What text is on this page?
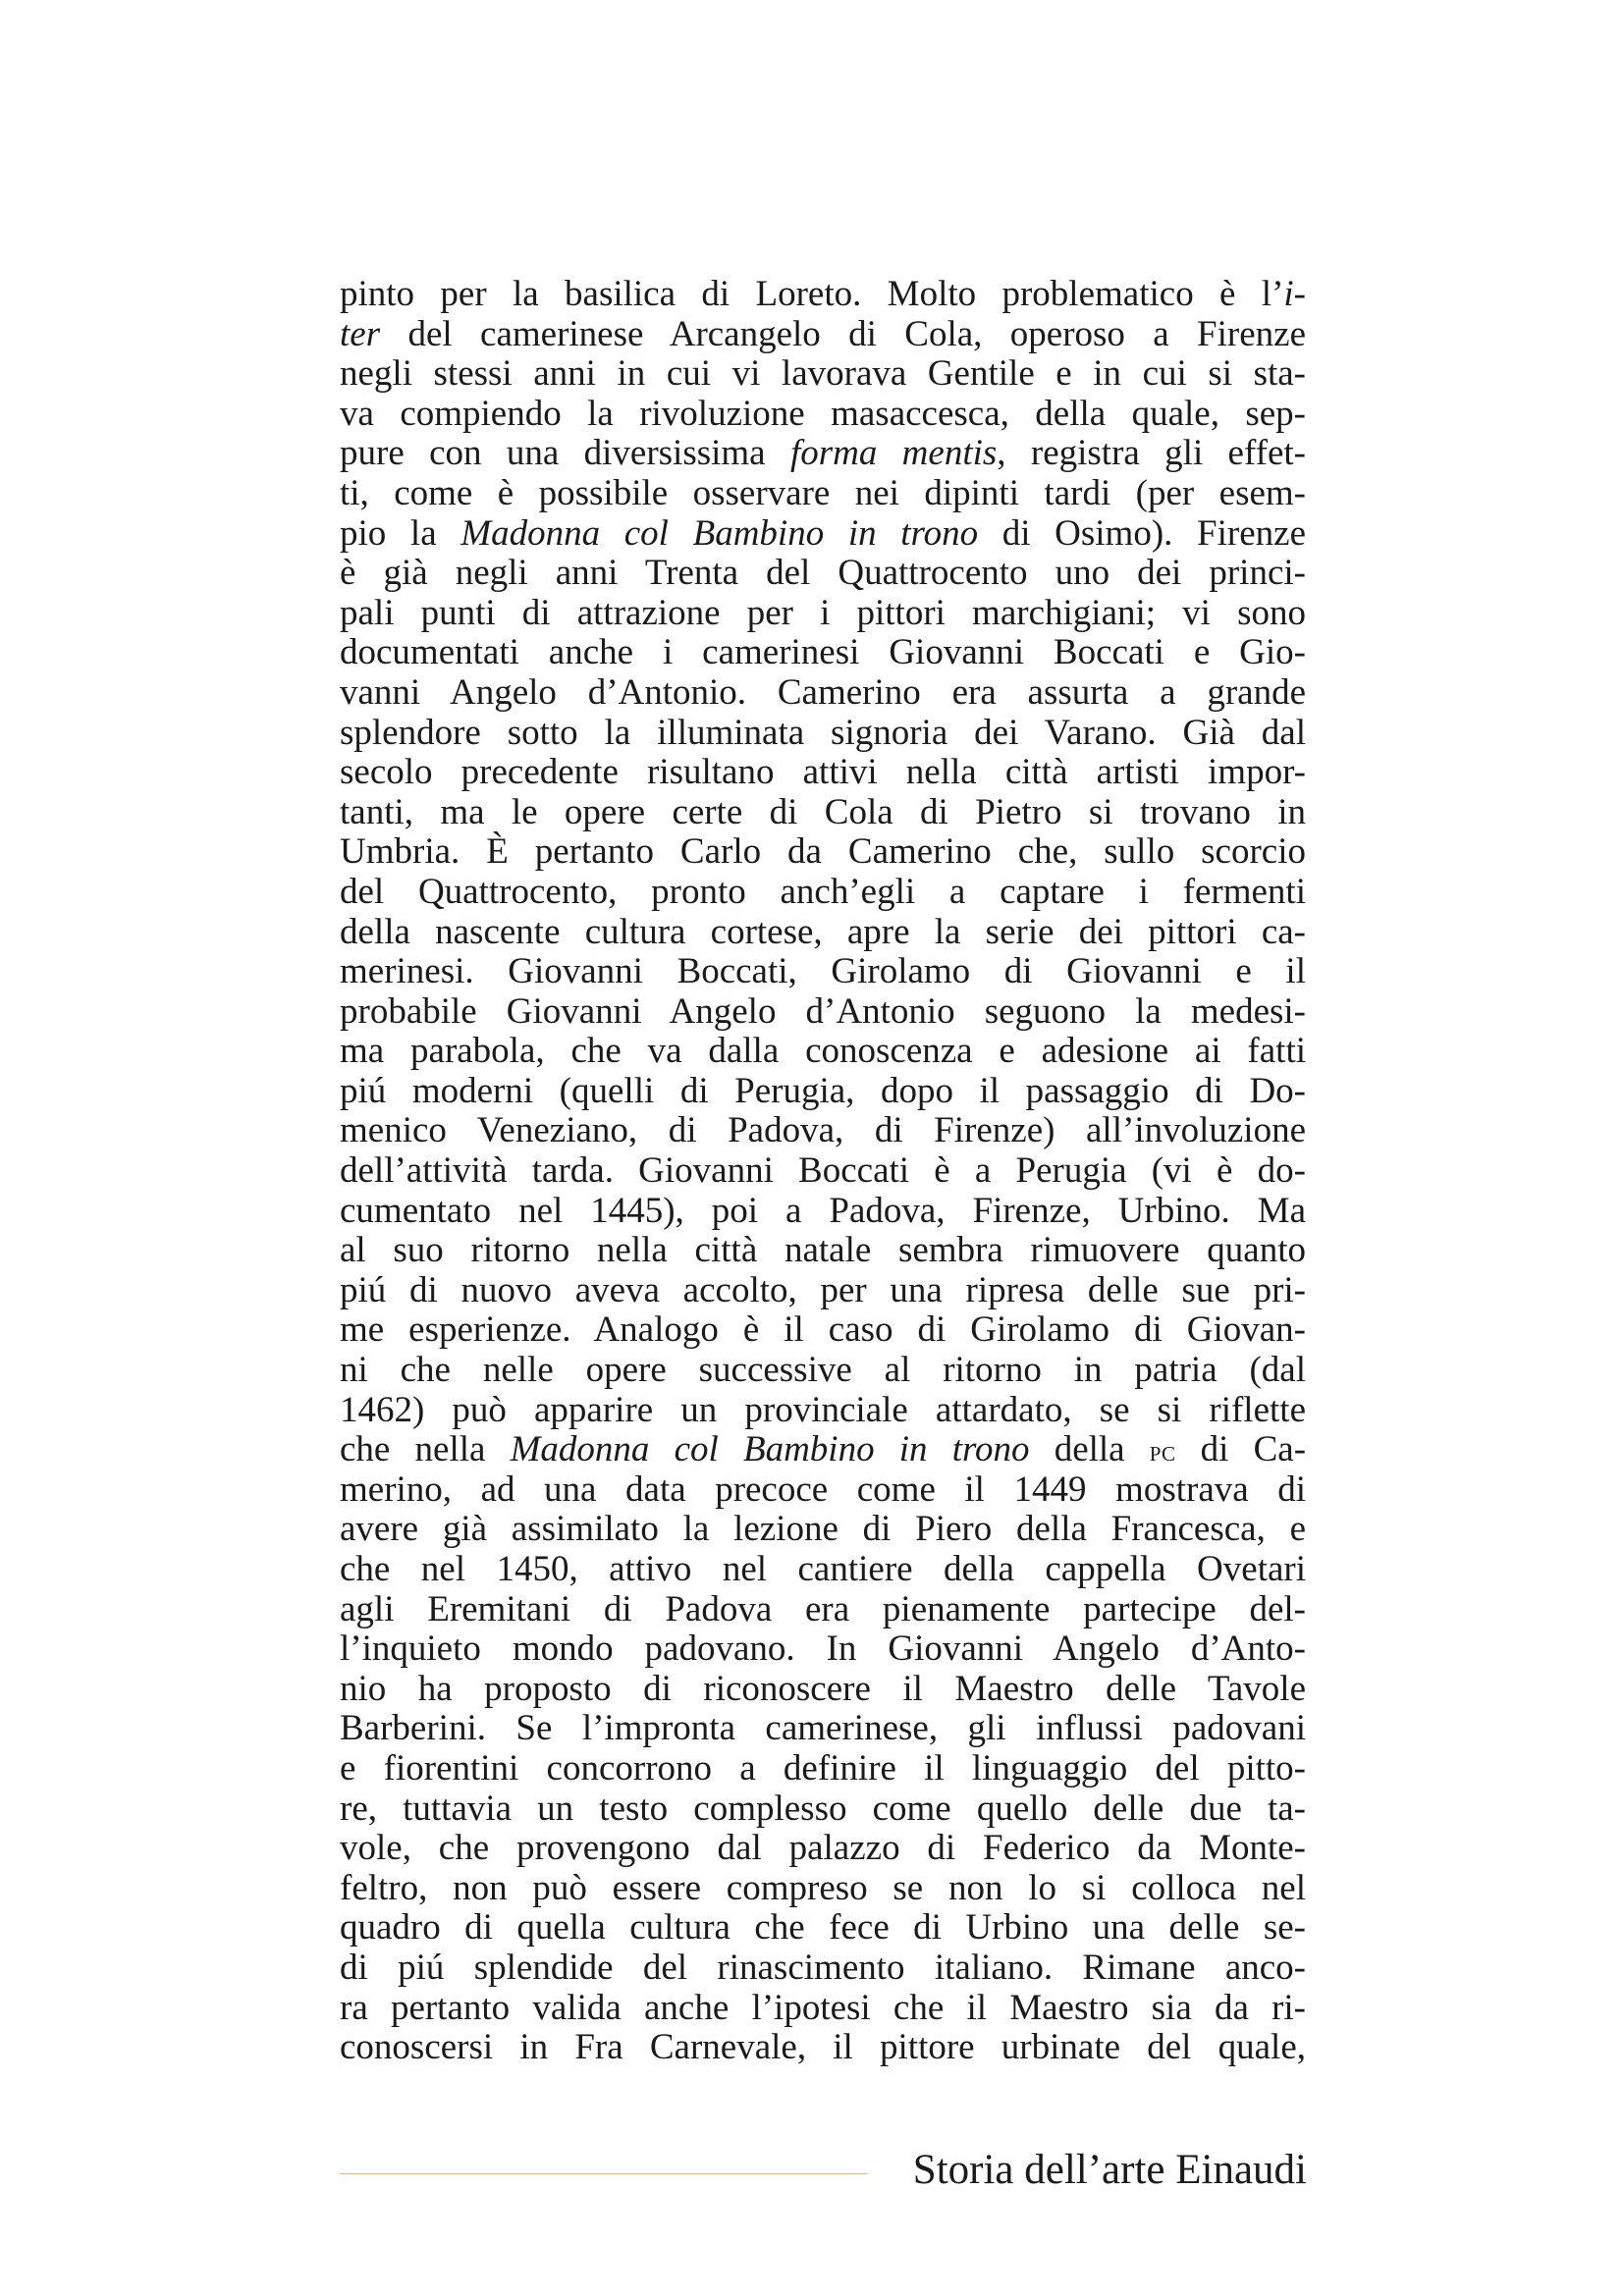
pinto per la basilica di Loreto. Molto problematico è l’i-
ter del camerinese Arcangelo di Cola, operoso a Firenze
negli stessi anni in cui vi lavorava Gentile e in cui si sta-
va compiendo la rivoluzione masaccesca, della quale, sep-
pure con una diversissima forma mentis, registra gli effet-
ti, come è possibile osservare nei dipinti tardi (per esem-
pio la Madonna col Bambino in trono di Osimo). Firenze
è già negli anni Trenta del Quattrocento uno dei princi-
pali punti di attrazione per i pittori marchigiani; vi sono
documentati anche i camerinesi Giovanni Boccati e Gio-
vanni Angelo d’Antonio. Camerino era assurta a grande
splendore sotto la illuminata signoria dei Varano. Già dal
secolo precedente risultano attivi nella città artisti impor-
tanti, ma le opere certe di Cola di Pietro si trovano in
Umbria. È pertanto Carlo da Camerino che, sullo scorcio
del Quattrocento, pronto anch’egli a captare i fermenti
della nascente cultura cortese, apre la serie dei pittori ca-
merinesi. Giovanni Boccati, Girolamo di Giovanni e il
probabile Giovanni Angelo d’Antonio seguono la medesi-
ma parabola, che va dalla conoscenza e adesione ai fatti
piú moderni (quelli di Perugia, dopo il passaggio di Do-
menico Veneziano, di Padova, di Firenze) all’involuzione
dell’attività tarda. Giovanni Boccati è a Perugia (vi è do-
cumentato nel 1445), poi a Padova, Firenze, Urbino. Ma
al suo ritorno nella città natale sembra rimuovere quanto
piú di nuovo aveva accolto, per una ripresa delle sue pri-
me esperienze. Analogo è il caso di Girolamo di Giovan-
ni che nelle opere successive al ritorno in patria (dal
1462) può apparire un provinciale attardato, se si riflette
che nella Madonna col Bambino in trono della pc di Ca-
merino, ad una data precoce come il 1449 mostrava di
avere già assimilato la lezione di Piero della Francesca, e
che nel 1450, attivo nel cantiere della cappella Ovetari
agli Eremitani di Padova era pienamente partecipe del-
l’inquieto mondo padovano. In Giovanni Angelo d’Anto-
nio ha proposto di riconoscere il Maestro delle Tavole
Barberini. Se l’impronta camerinese, gli influssi padovani
e fiorentini concorrono a definire il linguaggio del pitto-
re, tuttavia un testo complesso come quello delle due ta-
vole, che provengono dal palazzo di Federico da Monte-
feltro, non può essere compreso se non lo si colloca nel
quadro di quella cultura che fece di Urbino una delle se-
di piú splendide del rinascimento italiano. Rimane anco-
ra pertanto valida anche l’ipotesi che il Maestro sia da ri-
conoscersi in Fra Carnevale, il pittore urbinate del quale,
Storia dell’arte Einaudi
